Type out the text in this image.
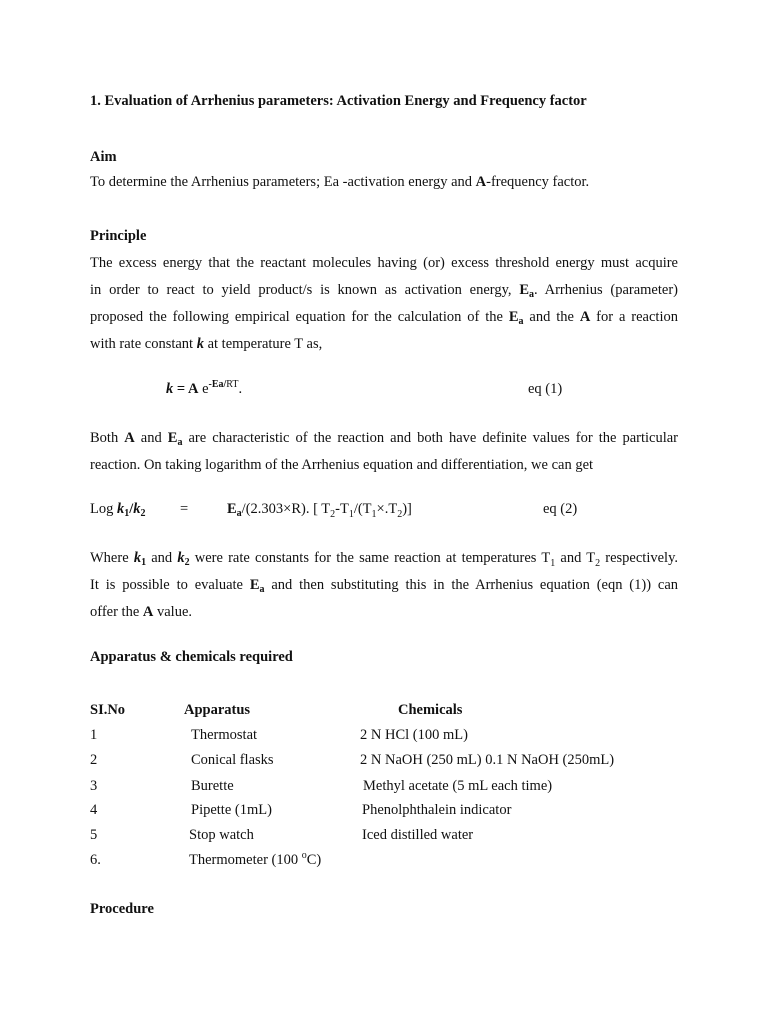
1. Evaluation of Arrhenius parameters: Activation Energy and Frequency factor
Aim
To determine the Arrhenius parameters; Ea -activation energy and A-frequency factor.
Principle
The excess energy that the reactant molecules having (or) excess threshold energy must acquire
in order to react to yield product/s is known as activation energy, $E_a$. Arrhenius (parameter)
proposed the following empirical equation for the calculation of the $E_a$ and the A for a reaction
with rate constant k at temperature T as,
k = A $e^{-Ea/RT}$.	eq (1)
Both A and $E_a$ are characteristic of the reaction and both have definite values for the particular
reaction. On taking logarithm of the Arrhenius equation and differentiation, we can get
Log $k_1/k_2$ =	$E_a/(2.303\times R)$. [ $T_2-T_1/(T_1\times.T_2)$]	eq (2)
Where $k_1$ and $k_2$ were rate constants for the same reaction at temperatures $T_1$ and $T_2$ respectively.
It is possible to evaluate $E_a$ and then substituting this in the Arrhenius equation (eqn (1)) can
offer the A value.
Apparatus & chemicals required
SI.No	Apparatus	Chemicals
1	Thermostat	2 N HCl (100 mL)
2	Conical flasks	2 N NaOH (250 mL) 0.1 N NaOH (250mL)
3	Burette	Methyl acetate (5 mL each time)
4	Pipette (1mL)	Phenolphthalein indicator
5	Stop watch	Iced distilled water
6.	Thermometer (100 $^o$C)
Procedure
